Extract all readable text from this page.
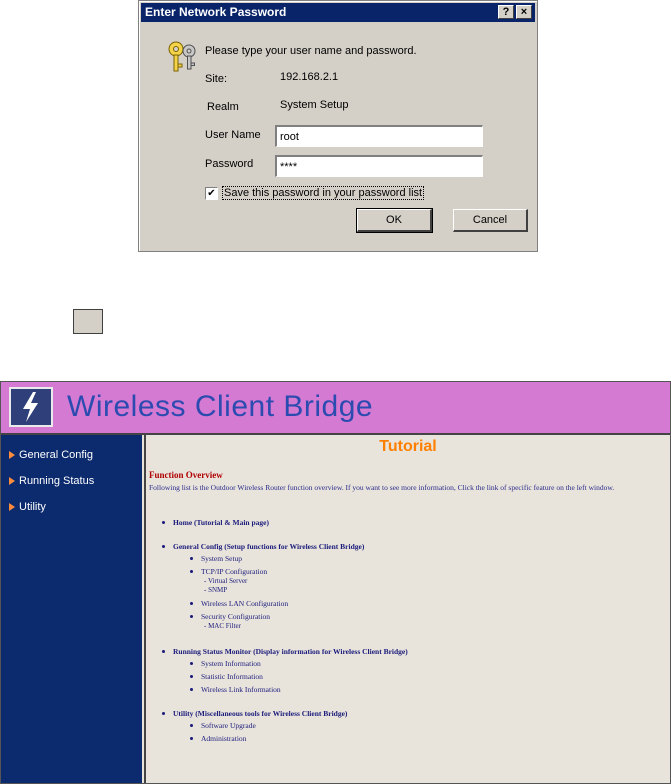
Enter Network Password	?	×
Please type your user name and password.
Site:	192.168.2.1
Realm	System Setup
User Name
root
Password
****
✔ Save this password in your password list
OK	Cancel
Wireless Client Bridge
General Config
Running Status
Utility
Tutorial
Function Overview
Following list is the Outdoor Wireless Router function overview. If you want to see more information, Click the link of specific feature on the left window.
Home (Tutorial & Main page)
General Config (Setup functions for Wireless Client Bridge)
System Setup
TCP/IP Configuration
- Virtual Server
- SNMP
Wireless LAN Configuration
Security Configuration
- MAC Filter
Running Status Monitor (Display information for Wireless Client Bridge)
System Information
Statistic Information
Wireless Link Information
Utility (Miscellaneous tools for Wireless Client Bridge)
Software Upgrade
Administration
